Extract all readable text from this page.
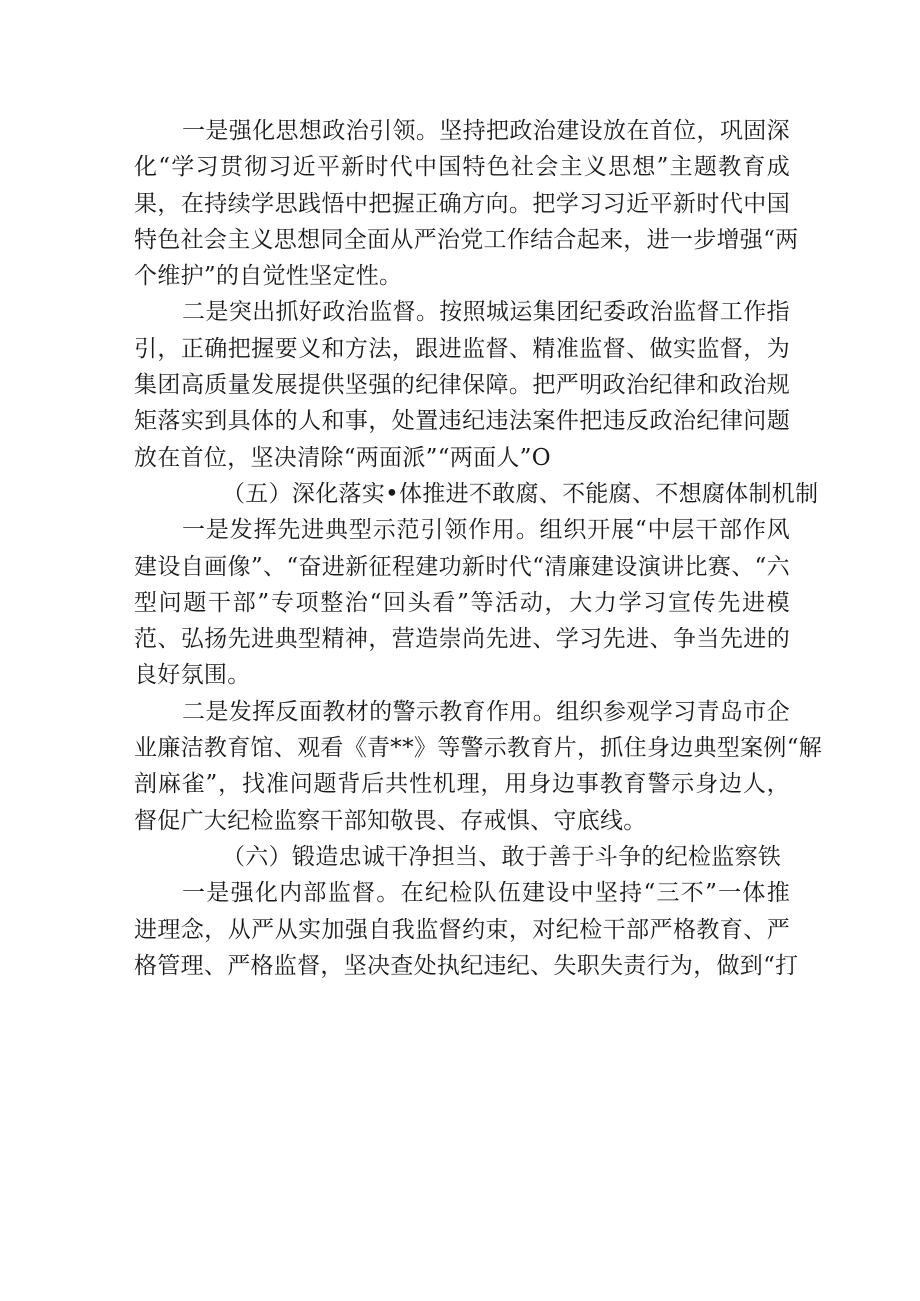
一是强化思想政治引领。坚持把政治建设放在首位，巩固深

化“学习贯彻习近平新时代中国特色社会主义思想”主题教育成

果，在持续学思践悟中把握正确方向。把学习习近平新时代中国

特色社会主义思想同全面从严治党工作结合起来，进一步增强“两

个维护”的自觉性坚定性。

二是突出抓好政治监督。按照城运集团纪委政治监督工作指

引，正确把握要义和方法，跟进监督、精准监督、做实监督，为

集团高质量发展提供坚强的纪律保障。把严明政治纪律和政治规

矩落实到具体的人和事，处置违纪违法案件把违反政治纪律问题

放在首位，坚决清除“两面派”“两面人”O

（五）深化落实•体推进不敢腐、不能腐、不想腐体制机制

一是发挥先进典型示范引领作用。组织开展“中层干部作风

建设自画像”、“奋进新征程建功新时代“清廉建设演讲比赛、“六

型问题干部”专项整治“回头看”等活动，大力学习宣传先进模

范、弘扬先进典型精神，营造崇尚先进、学习先进、争当先进的

良好氛围。

二是发挥反面教材的警示教育作用。组织参观学习青岛市企

业廉洁教育馆、观看《青**》等警示教育片，抓住身边典型案例“解

剖麻雀”，找准问题背后共性机理，用身边事教育警示身边人，

督促广大纪检监察干部知敬畏、存戒惧、守底线。

（六）锻造忠诚干净担当、敢于善于斗争的纪检监察铁

一是强化内部监督。在纪检队伍建设中坚持“三不”一体推

进理念，从严从实加强自我监督约束，对纪检干部严格教育、严

格管理、严格监督，坚决查处执纪违纪、失职失责行为，做到“打
